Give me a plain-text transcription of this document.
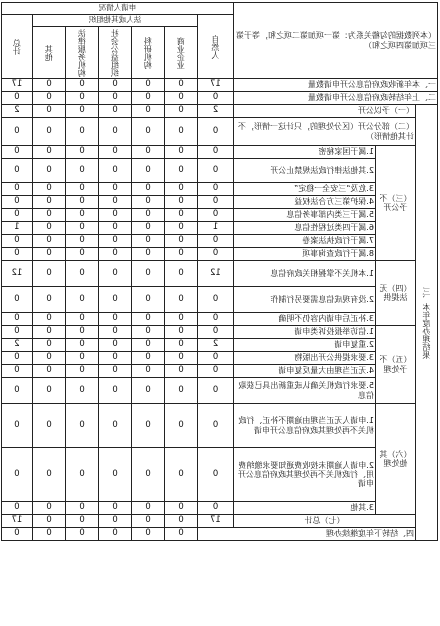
（本列数据的勾稽关系为：第一项加第二项之和，等于第三项加第四项之和）			申请人情况							
			自然人	法人或其他组织					总计	
				商业企业	科研机构	社会公益组织	法律服务机构	其他		
一、本年新收政府信息公开申请数量			17	0	0	0	0	0	17	
二、上年结转政府信息公开申请数量			0	0	0	0	0	0	0	
三、本年度办理结果	（一）予以公开		2	0	0	0	0	0	2	
	（二）部分公开（区分处理的，只计这一情形，不计其他情形）		0	0	0	0	0	0	0	
	（三）不予公开	1.属于国家秘密	0	0	0	0	0	0	0	
		2.其他法律行政法规禁止公开	0	0	0	0	0	0	0	
		3.危及“三安全一稳定”	0	0	0	0	0	0	0	
		4.保护第三方合法权益	0	0	0	0	0	0	0	
		5.属于三类内部事务信息	0	0	0	0	0	0	0	
		6.属于四类过程性信息	1	0	0	0	0	0	1	
		7.属于行政执法案卷	0	0	0	0	0	0	0	
		8.属于行政查询事项	0	0	0	0	0	0	0	
	（四）无法提供	1.本机关不掌握相关政府信息	12	0	0	0	0	0	12	
		2.没有现成信息需要另行制作	0	0	0	0	0	0	0	
		3.补正后申请内容仍不明确	0	0	0	0	0	0	0	
	（五）不予处理	1.信访举报投诉类申请	0	0	0	0	0	0	0	
		2.重复申请	2	0	0	0	0	0	2	
		3.要求提供公开出版物	0	0	0	0	0	0	0	
		4.无正当理由大量反复申请	0	0	0	0	0	0	0	
		5.要求行政机关确认或重新出具已获取信息	0	0	0	0	0	0	0	
	（六）其他处理	1.申请人无正当理由逾期不补正、行政机关不再处理其政府信息公开申请	0	0	0	0	0	0	0	
		2.申请人逾期未按收费通知要求缴纳费用、行政机关不再处理其政府信息公开申请	0	0	0	0	0	0	0	
		3.其他	0	0	0	0	0	0	0	
	（七）总计		17	0	0	0	0	0	17	
	四、结转下年度继续办理			0	0	0	0	0	0	
